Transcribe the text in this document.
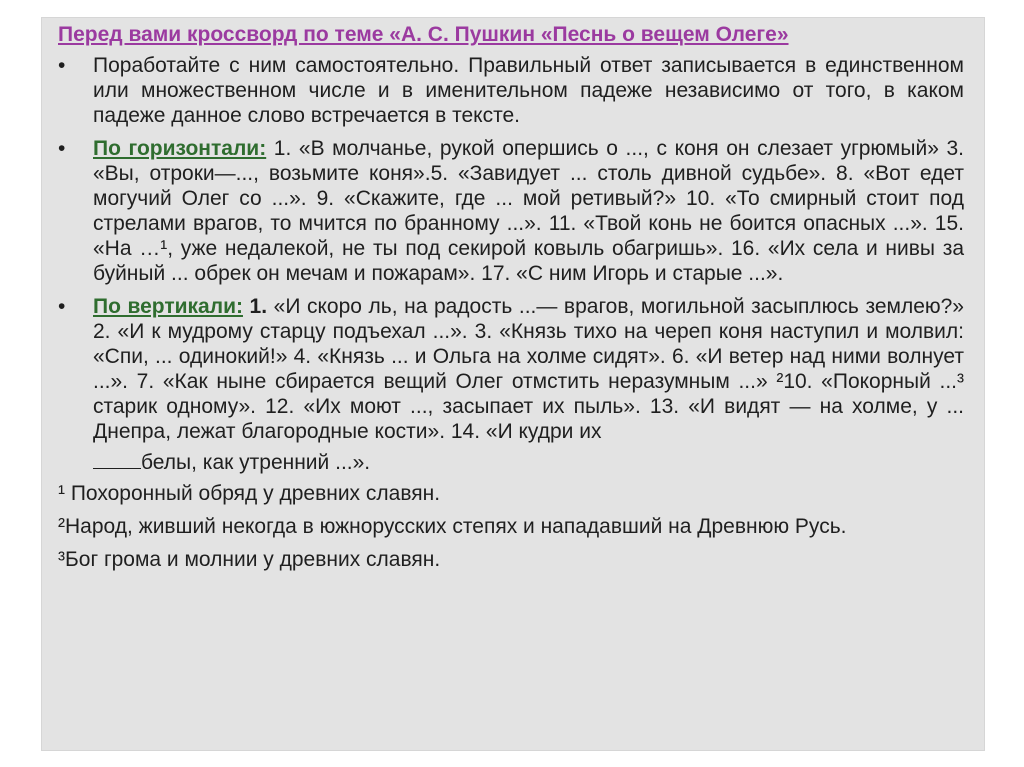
Перед вами кроссворд по теме «А. С. Пушкин «Песнь о вещем Олеге»
• Поработайте с ним самостоятельно. Правильный ответ записывается в единственном или множественном числе и в именительном падеже независимо от того, в каком падеже данное слово встречается в тексте.
• По горизонтали: 1. «В молчанье, рукой опершись о ..., с коня он слезает угрюмый» 3. «Вы, отроки—..., возьмите коня».5. «Завидует ... столь дивной судьбе». 8. «Вот едет могучий Олег со ...». 9. «Скажите, где ... мой ретивый?» 10. «То смирный стоит под стрелами врагов, то мчится по бранному ...». 11. «Твой конь не боится опасных ...». 15. «На …¹, уже недалекой, не ты под секирой ковыль обагришь». 16. «Их села и нивы за буйный ... обрек он мечам и пожарам». 17. «С ним Игорь и старые ...».
• По вертикали: 1. «И скоро ль, на радость ...— врагов, могильной засыплюсь землею?» 2. «И к мудрому старцу подъехал ...». 3. «Князь тихо на череп коня наступил и молвил: «Спи, ... одинокий!» 4. «Князь ... и Ольга на холме сидят». 6. «И ветер над ними волнует ...». 7. «Как ныне сбирается вещий Олег отмстить неразумным ...» ²10. «Покорный ...³ старик одному». 12. «Их моют ..., засыпает их пыль». 13. «И видят — на холме, у ... Днепра, лежат благородные кости». 14. «И кудри их
белы, как утренний ...».
¹ Похоронный обряд у древних славян.
²Народ, живший некогда в южнорусских степях и нападавший на Древнюю Русь.
³Бог грома и молнии у древних славян.
